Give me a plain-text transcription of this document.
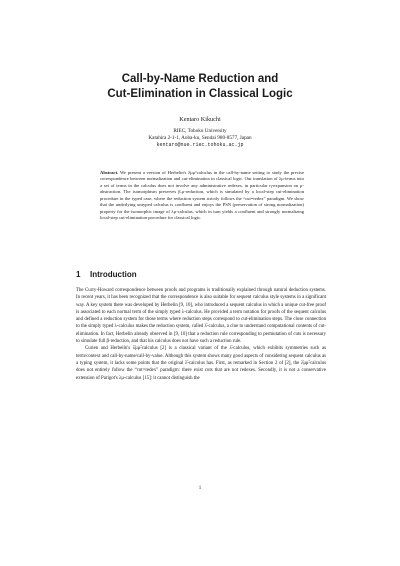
Call-by-Name Reduction and
Cut-Elimination in Classical Logic
Kentaro Kikuchi
RIEC, Tohoku University
Katahira 2-1-1, Aoba-ku, Sendai 980-8577, Japan
kentaro@nue.riec.tohoku.ac.jp

Abstract. We present a version of Herbelin's λ̄μμ̃-calculus in the call-by-name setting to study the precise correspondence between normalization and cut-elimination in classical logic. Our translation of λμ-terms into a set of terms in the calculus does not involve any administrative redexes, in particular η-expansion on μ-abstraction. The isomorphism preserves β,μ-reduction, which is simulated by a local-step cut-elimination procedure in the typed case, where the reduction system strictly follows the “cut=redex” paradigm. We show that the underlying untyped calculus is confluent and enjoys the PSN (preservation of strong normalization) property for the isomorphic image of λμ-calculus, which in turn yields a confluent and strongly normalizing local-step cut-elimination procedure for classical logic.

1 Introduction

The Curry-Howard correspondence between proofs and programs is traditionally explained through natural deduction systems. In recent years, it has been recognized that the correspondence is also suitable for sequent calculus style systems in a significant way. A key system there was developed by Herbelin [9, 10], who introduced a sequent calculus in which a unique cut-free proof is associated to each normal term of the simply typed λ-calculus. He provided a term notation for proofs of the sequent calculus and defined a reduction system for those terms where reduction steps correspond to cut-elimination steps. The close connection to the simply typed λ-calculus makes the reduction system, called λ̄-calculus, a clue to understand computational contents of cut-elimination. In fact, Herbelin already observed in [9, 10] that a reduction rule corresponding to permutation of cuts is necessary to simulate full β-reduction, and that his calculus does not have such a reduction rule.

Curien and Herbelin's λ̄μμ̃-calculus [2] is a classical variant of the λ̄-calculus, which exhibits symmetries such as term/context and call-by-name/call-by-value. Although this system shows many good aspects of considering sequent calculus as a typing system, it lacks some points that the original λ̄-calculus has. First, as remarked in Section 2 of [2], the λ̄μμ̃-calculus does not entirely follow the “cut=redex” paradigm: there exist cuts that are not redexes. Secondly, it is not a conservative extension of Parigot's λμ-calculus [15]: it cannot distinguish the

1
